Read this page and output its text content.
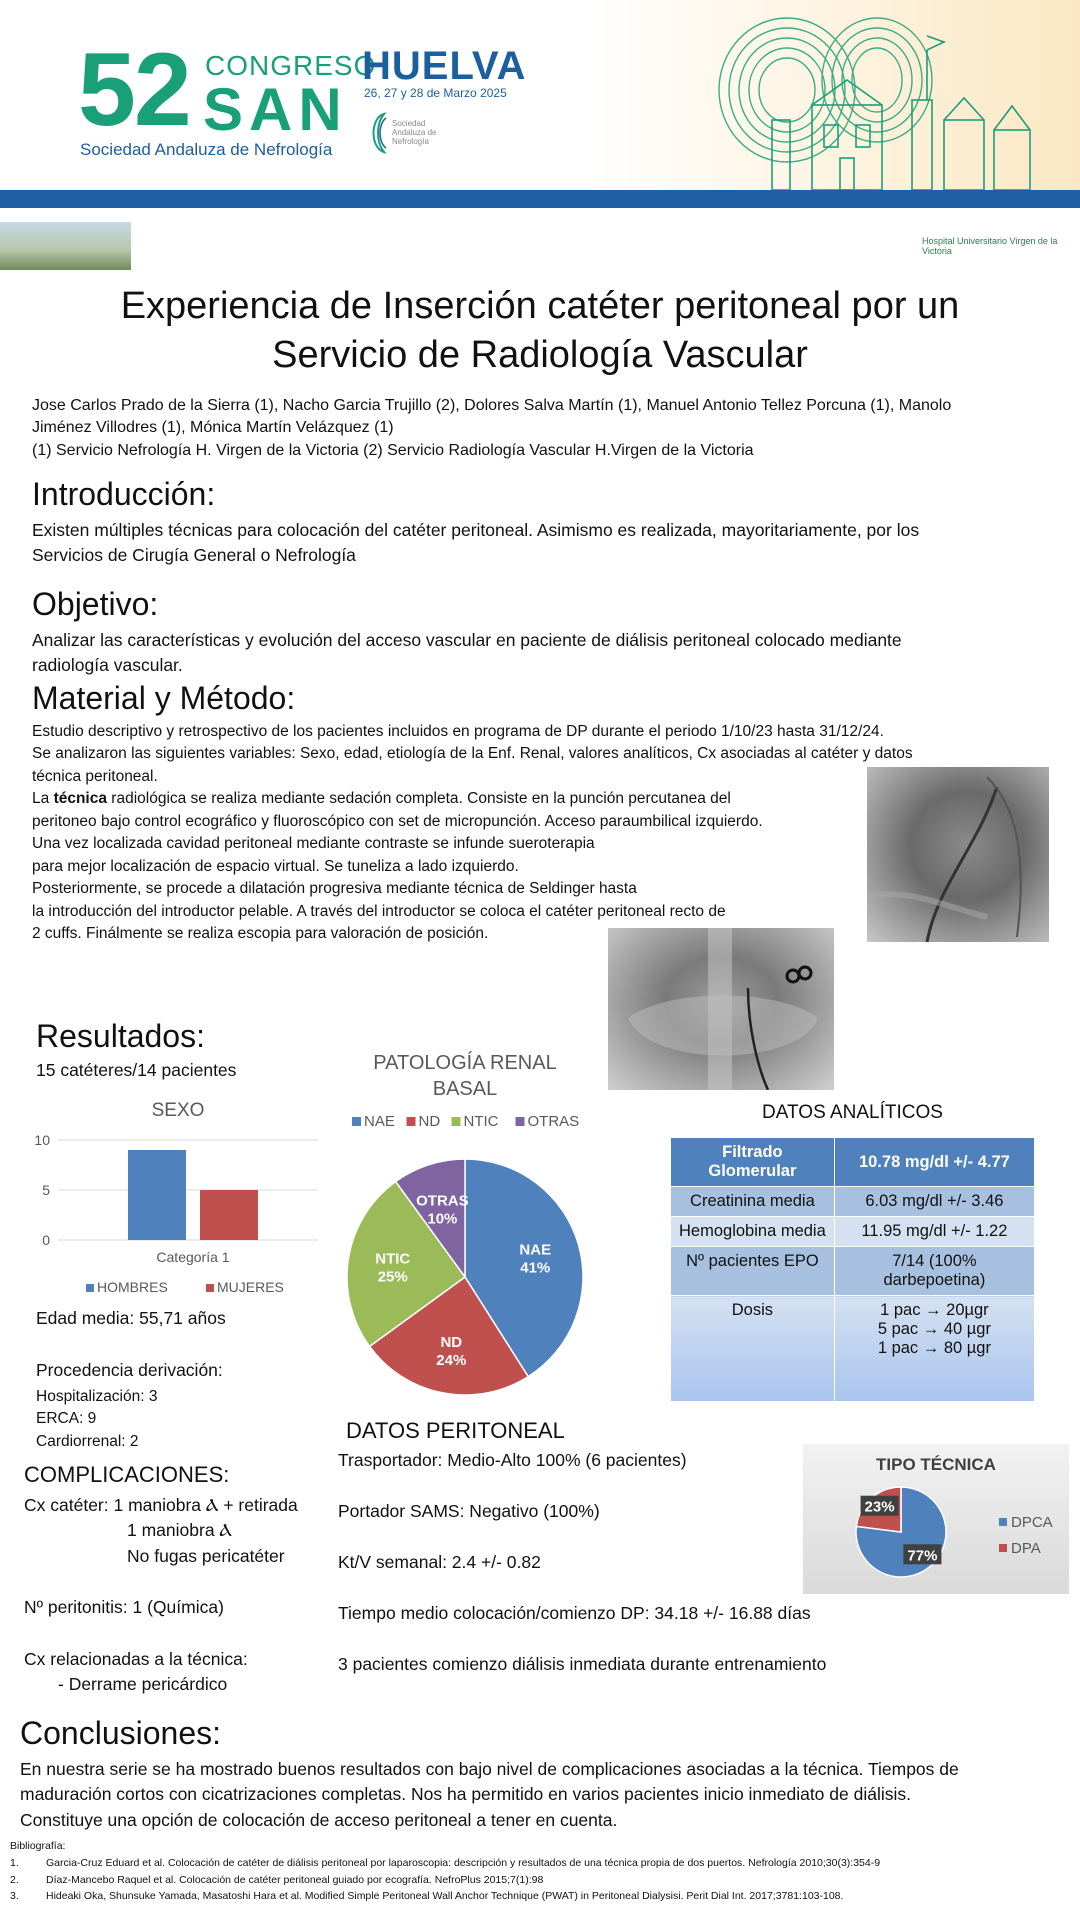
52 CONGRESO
SAN
Sociedad Andaluza de Nefrología
HUELVA
26, 27 y 28 de Marzo 2025
Sociedad Andaluza de Nefrología
Hospital Universitario Virgen de la Victoria
Experiencia de Inserción catéter peritoneal por un
Servicio de Radiología Vascular
Jose Carlos Prado de la Sierra (1), Nacho Garcia Trujillo (2), Dolores Salva Martín (1), Manuel Antonio Tellez Porcuna (1), Manolo
Jiménez Villodres (1), Mónica Martín Velázquez (1)
(1) Servicio Nefrología H. Virgen de la Victoria (2) Servicio Radiología Vascular H.Virgen de la Victoria
Introducción:
Existen múltiples técnicas para colocación del catéter peritoneal. Asimismo es realizada, mayoritariamente, por los
Servicios de Cirugía General o Nefrología
Objetivo:
Analizar las características y evolución del acceso vascular en paciente de diálisis peritoneal colocado mediante
radiología vascular.
Material y Método:
Estudio descriptivo y retrospectivo de los pacientes incluidos en programa de DP durante el periodo 1/10/23 hasta 31/12/24.
Se analizaron las siguientes variables: Sexo, edad, etiología de la Enf. Renal, valores analíticos, Cx asociadas al catéter y datos
técnica peritoneal.
La técnica radiológica se realiza mediante sedación completa. Consiste en la punción percutanea del
peritoneo bajo control ecográfico y fluoroscópico con set de micropunción. Acceso paraumbilical izquierdo.
Una vez localizada cavidad peritoneal mediante contraste se infunde sueroterapia
para mejor localización de espacio virtual. Se tuneliza a lado izquierdo.
Posteriormente, se procede a dilatación progresiva mediante técnica de Seldinger hasta
la introducción del introductor pelable. A través del introductor se coloca el catéter peritoneal recto de
2 cuffs. Finálmente se realiza escopia para valoración de posición.
Resultados:
15 catéteres/14 pacientes
SEXO
0
5
10
Categoría 1
HOMBRES	MUJERES
Edad media: 55,71 años
Procedencia derivación:
Hospitalización: 3
ERCA: 9
Cardiorrenal: 2
PATOLOGÍA RENAL
BASAL
NAE ND NTIC OTRAS
NAE
41%
ND
24%
NTIC
25%
OTRAS
10%
DATOS ANALÍTICOS
Filtrado Glomerular	10.78 mg/dl +/- 4.77
Creatinina media	6.03 mg/dl +/- 3.46
Hemoglobina media	11.95 mg/dl +/- 1.22
Nº pacientes EPO	7/14 (100% darbepoetina)
Dosis	1 pac → 20µgr
5 pac → 40 µgr
1 pac → 80 µgr
COMPLICACIONES:
Cx catéter: 1 maniobra Ⲁ + retirada
1 maniobra Ⲁ
No fugas pericatéter
Nº peritonitis: 1 (Química)
Cx relacionadas a la técnica:
- Derrame pericárdico
DATOS PERITONEAL
Trasportador: Medio-Alto 100% (6 pacientes)
Portador SAMS: Negativo (100%)
Kt/V semanal: 2.4 +/- 0.82
Tiempo medio colocación/comienzo DP: 34.18 +/- 16.88 días
3 pacientes comienzo diálisis inmediata durante entrenamiento
TIPO TÉCNICA
77%
23%
DPCA
DPA
Conclusiones:
En nuestra serie se ha mostrado buenos resultados con bajo nivel de complicaciones asociadas a la técnica. Tiempos de
maduración cortos con cicatrizaciones completas. Nos ha permitido en varios pacientes inicio inmediato de diálisis.
Constituye una opción de colocación de acceso peritoneal a tener en cuenta.
Bibliografía:
1.	Garcia-Cruz Eduard et al. Colocación de catéter de diálisis peritoneal por laparoscopia: descripción y resultados de una técnica propia de dos puertos. Nefrología 2010;30(3):354-9
2.	Díaz-Mancebo Raquel et al. Colocación de catéter peritoneal guiado por ecografía. NefroPlus 2015;7(1):98
3.	Hideaki Oka, Shunsuke Yamada, Masatoshi Hara et al. Modified Simple Peritoneal Wall Anchor Technique (PWAT) in Peritoneal Dialysisi. Perit Dial Int. 2017;3781:103-108.
